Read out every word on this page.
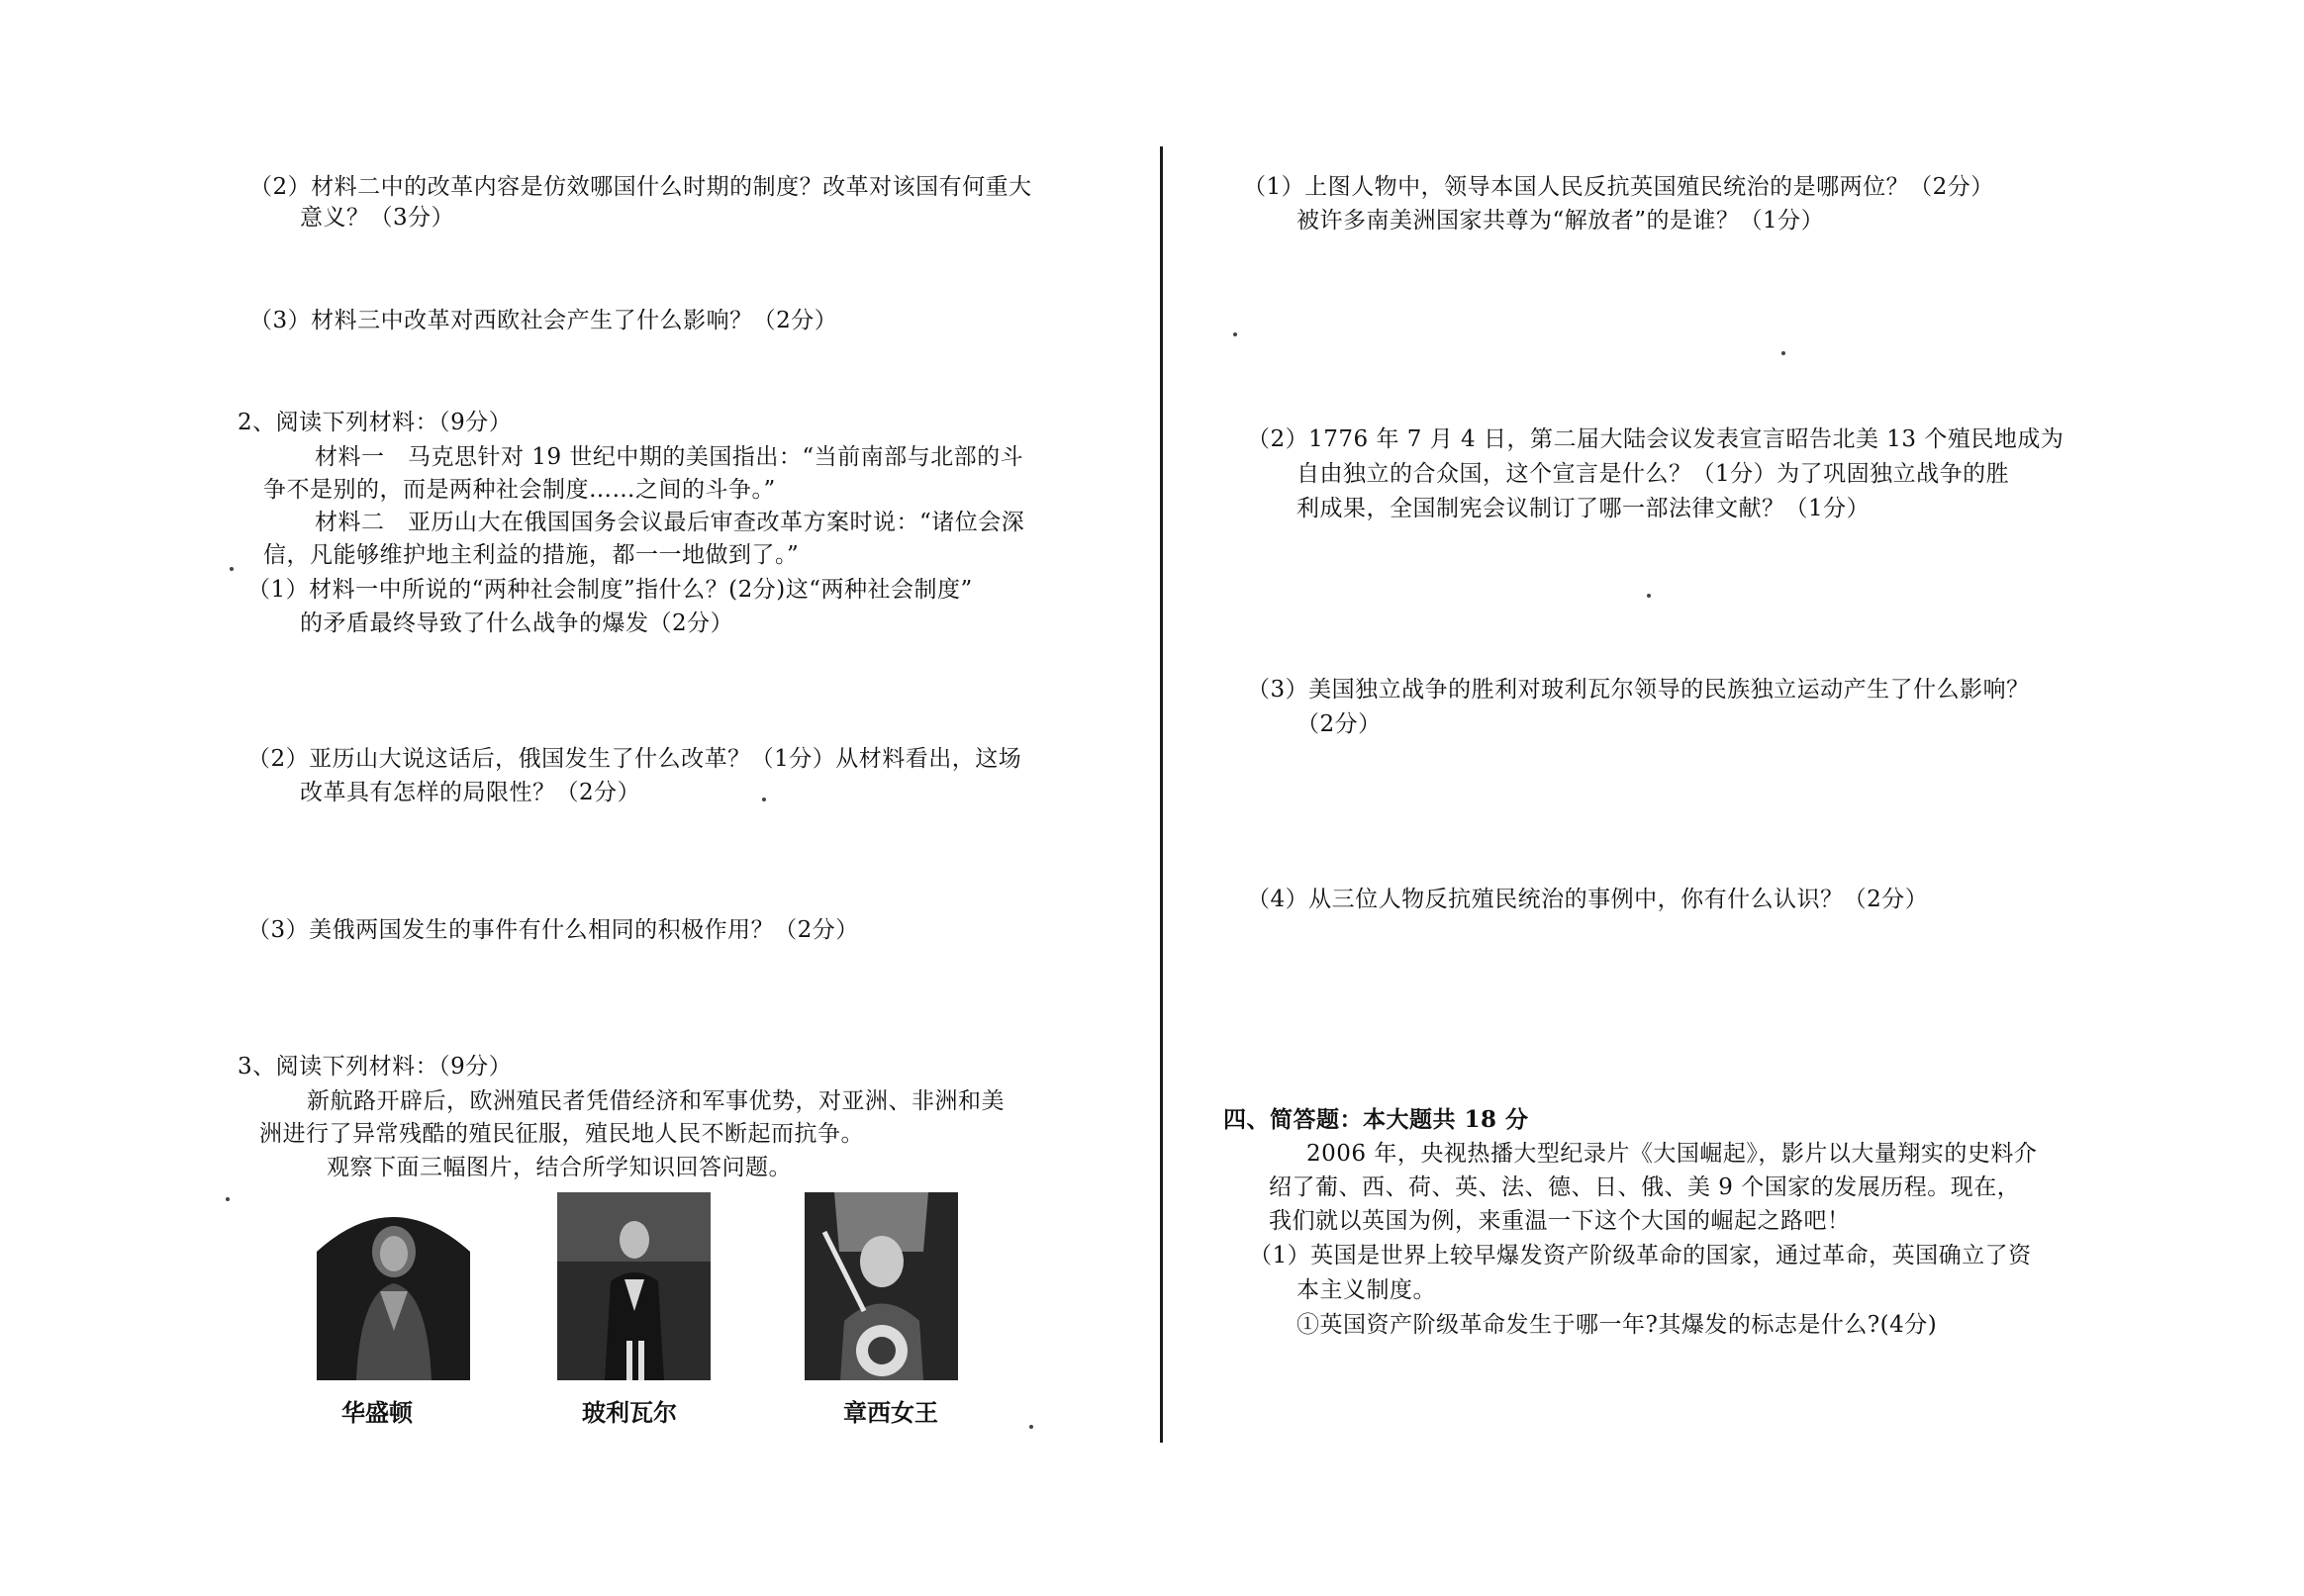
（2）材料二中的改革内容是仿效哪国什么时期的制度？改革对该国有何重大
意义？（3分）
（3）材料三中改革对西欧社会产生了什么影响？（2分）
2、阅读下列材料：（9分）
材料一　马克思针对 19 世纪中期的美国指出：“当前南部与北部的斗
争不是别的，而是两种社会制度……之间的斗争。”
材料二　亚历山大在俄国国务会议最后审查改革方案时说：“诸位会深
信，凡能够维护地主利益的措施，都一一地做到了。”
（1）材料一中所说的“两种社会制度”指什么？(2分)这“两种社会制度”
的矛盾最终导致了什么战争的爆发（2分）
（2）亚历山大说这话后，俄国发生了什么改革？（1分）从材料看出，这场
改革具有怎样的局限性？（2分）
（3）美俄两国发生的事件有什么相同的积极作用？（2分）
3、阅读下列材料：（9分）
新航路开辟后，欧洲殖民者凭借经济和军事优势，对亚洲、非洲和美
洲进行了异常残酷的殖民征服，殖民地人民不断起而抗争。
观察下面三幅图片，结合所学知识回答问题。
华盛顿	玻利瓦尔	章西女王
（1）上图人物中，领导本国人民反抗英国殖民统治的是哪两位？（2分）
被许多南美洲国家共尊为“解放者”的是谁？（1分）
（2）1776 年 7 月 4 日，第二届大陆会议发表宣言昭告北美 13 个殖民地成为
自由独立的合众国，这个宣言是什么？（1分）为了巩固独立战争的胜
利成果，全国制宪会议制订了哪一部法律文献？（1分）
（3）美国独立战争的胜利对玻利瓦尔领导的民族独立运动产生了什么影响？
（2分）
（4）从三位人物反抗殖民统治的事例中，你有什么认识？（2分）
四、简答题：本大题共 18 分
2006 年，央视热播大型纪录片《大国崛起》，影片以大量翔实的史料介
绍了葡、西、荷、英、法、德、日、俄、美 9 个国家的发展历程。现在，
我们就以英国为例，来重温一下这个大国的崛起之路吧！
（1）英国是世界上较早爆发资产阶级革命的国家，通过革命，英国确立了资
本主义制度。
①英国资产阶级革命发生于哪一年?其爆发的标志是什么?(4分)
